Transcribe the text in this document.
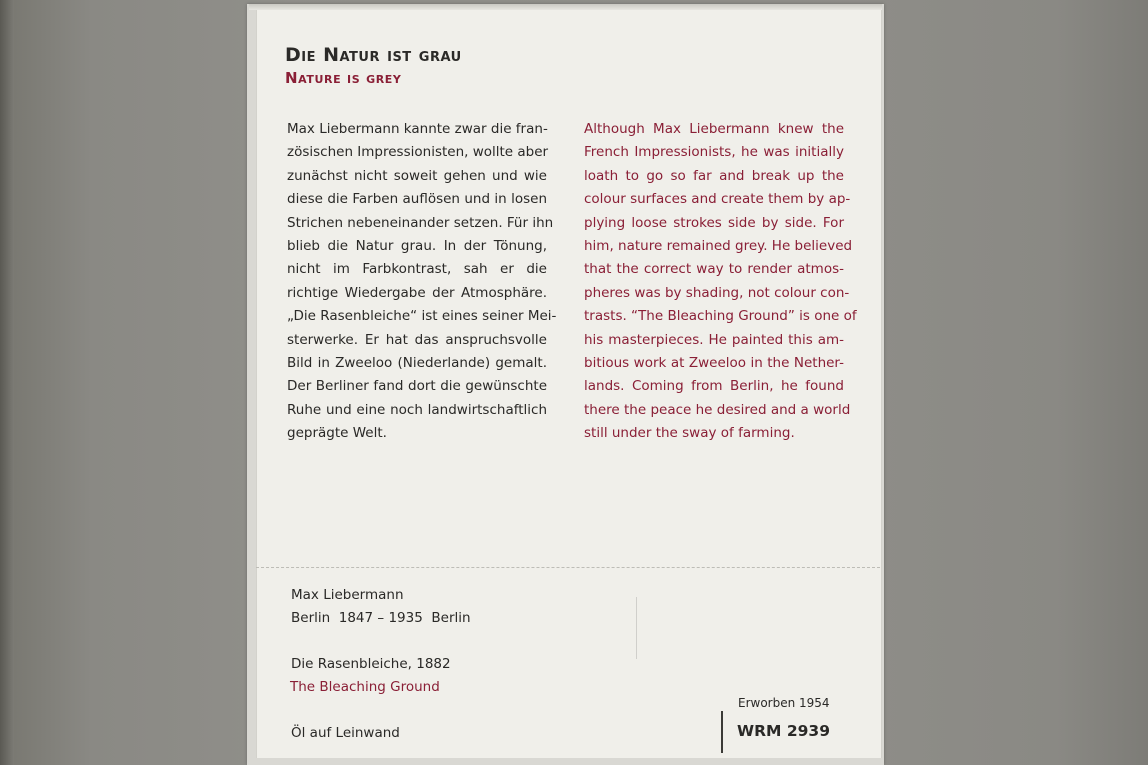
Die Natur ist grau
Nature is grey
Max Liebermann kannte zwar die fran-
zösischen Impressionisten, wollte aber
zunächst nicht soweit gehen und wie
diese die Farben auflösen und in losen
Strichen nebeneinander setzen. Für ihn
blieb die Natur grau. In der Tönung,
nicht im Farbkontrast, sah er die
richtige Wiedergabe der Atmosphäre.
„Die Rasenbleiche“ ist eines seiner Mei-
sterwerke. Er hat das anspruchsvolle
Bild in Zweeloo (Niederlande) gemalt.
Der Berliner fand dort die gewünschte
Ruhe und eine noch landwirtschaftlich
geprägte Welt.
Although Max Liebermann knew the
French Impressionists, he was initially
loath to go so far and break up the
colour surfaces and create them by ap-
plying loose strokes side by side. For
him, nature remained grey. He believed
that the correct way to render atmos-
pheres was by shading, not colour con-
trasts. “The Bleaching Ground” is one of
his masterpieces. He painted this am-
bitious work at Zweeloo in the Nether-
lands. Coming from Berlin, he found
there the peace he desired and a world
still under the sway of farming.
Max Liebermann
Berlin  1847 – 1935  Berlin
Die Rasenbleiche, 1882
The Bleaching Ground
Öl auf Leinwand
Erworben 1954
WRM 2939
